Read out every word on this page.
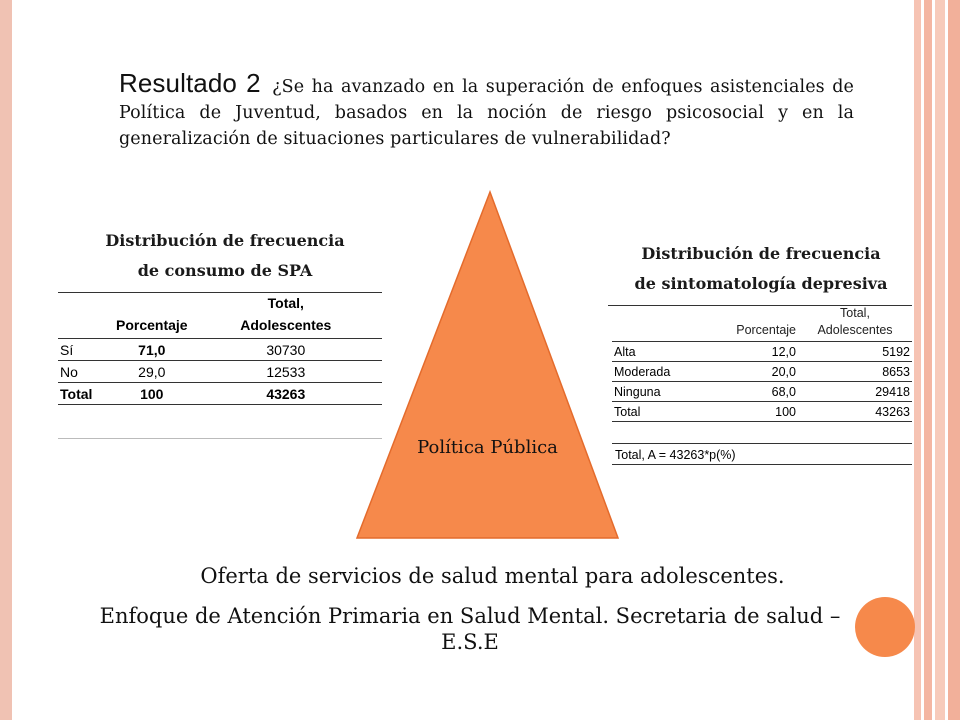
Resultado 2 ¿Se ha avanzado en la superación de enfoques asistenciales de Política de Juventud, basados en la noción de riesgo psicosocial y en la generalización de situaciones particulares de vulnerabilidad?
Política Pública
Distribución de frecuencia
de consumo de SPA
	Porcentaje	Total,
Adolescentes

Sí	71,0	30730
No	29,0	12533
Total	100	43263
Distribución de frecuencia
de sintomatología depresiva
	Porcentaje	Total,
Adolescentes

Alta	12,0	5192
Moderada	20,0	8653
Ninguna	68,0	29418
Total	100	43263
Total, A = 43263*p(%)
Oferta de servicios de salud mental para adolescentes.
Enfoque de Atención Primaria en Salud Mental. Secretaria de salud – E.S.E
